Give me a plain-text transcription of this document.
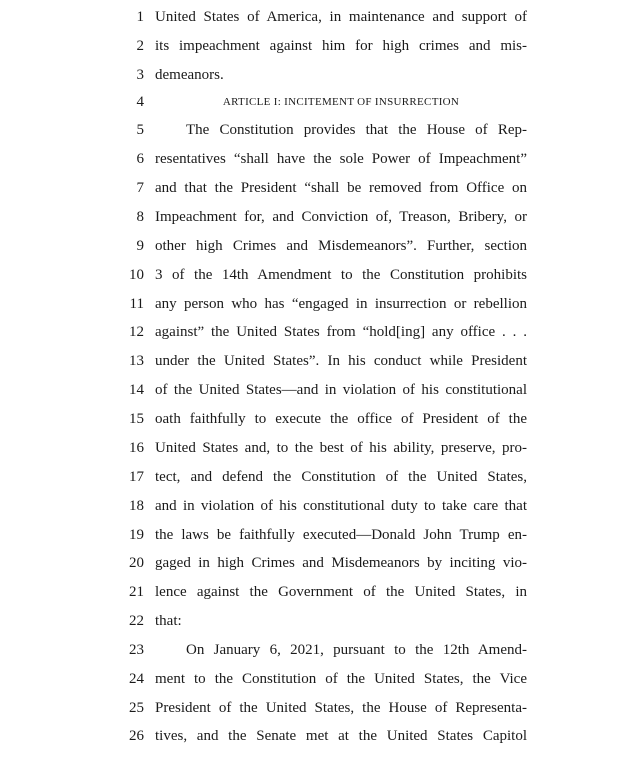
1 United States of America, in maintenance and support of
2 its impeachment against him for high crimes and mis-
3 demeanors.
4	ARTICLE I: INCITEMENT OF INSURRECTION
5	The Constitution provides that the House of Rep-
6 resentatives “shall have the sole Power of Impeachment”
7 and that the President “shall be removed from Office on
8 Impeachment for, and Conviction of, Treason, Bribery, or
9 other high Crimes and Misdemeanors”. Further, section
10 3 of the 14th Amendment to the Constitution prohibits
11 any person who has “engaged in insurrection or rebellion
12 against” the United States from “hold[ing] any office . . .
13 under the United States”. In his conduct while President
14 of the United States—and in violation of his constitutional
15 oath faithfully to execute the office of President of the
16 United States and, to the best of his ability, preserve, pro-
17 tect, and defend the Constitution of the United States,
18 and in violation of his constitutional duty to take care that
19 the laws be faithfully executed—Donald John Trump en-
20 gaged in high Crimes and Misdemeanors by inciting vio-
21 lence against the Government of the United States, in
22 that:
23	On January 6, 2021, pursuant to the 12th Amend-
24 ment to the Constitution of the United States, the Vice
25 President of the United States, the House of Representa-
26 tives, and the Senate met at the United States Capitol
